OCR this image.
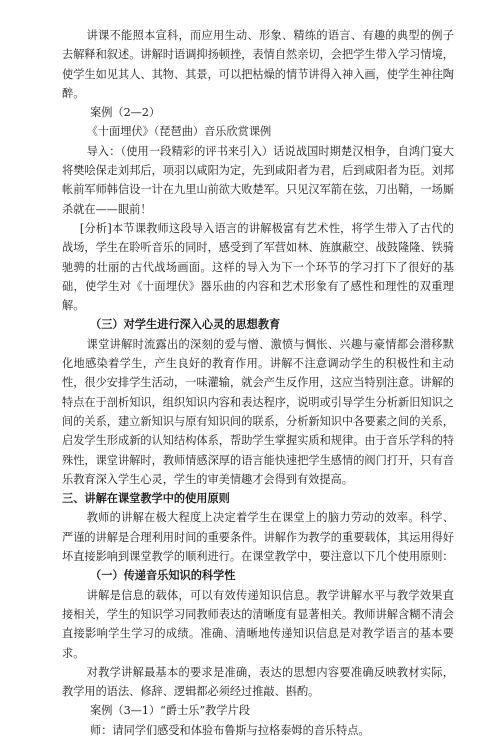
讲课不能照本宣科，而应用生动、形象、精练的语言、有趣的典型的例子去解释和叙述。讲解时语调抑扬顿挫，表情自然亲切，会把学生带入学习情境，使学生如见其人、其物、其景，可以把枯燥的情节讲得入神入画，使学生神往陶醉。

案例（2—2）

《十面埋伏》（琵琶曲）音乐欣赏课例

导入：（使用一段精彩的评书来引入）话说战国时期楚汉相争，自鸿门宴大将樊哙保走刘邦后，项羽以咸阳为定，先到咸阳者为君，后到咸阳者为臣。刘邦帐前军师韩信设一计在九里山前欲大败楚军。只见汉军箭在弦，刀出鞘，一场厮杀就在——眼前！

[分析]本节课教师这段导入语言的讲解极富有艺术性，将学生带入了古代的战场，学生在聆听音乐的同时，感受到了军营如林、旌旗蔽空、战鼓隆隆、铁骑驰骋的壮丽的古代战场画面。这样的导入为下一个环节的学习打下了很好的基础，使学生对《十面埋伏》器乐曲的内容和艺术形象有了感性和理性的双重理解。

（三）对学生进行深入心灵的思想教育

课堂讲解时流露出的深刻的爱与憎、激愤与惆怅、兴趣与豪情都会潜移默化地感染着学生，产生良好的教育作用。讲解不注意调动学生的积极性和主动性，很少安排学生活动，一味灌输，就会产生反作用，这应当特别注意。讲解的特点在于剖析知识，组织知识内容和表达程序，说明或引导学生分析新旧知识之间的关系，建立新知识与原有知识间的联系，分析新知识中各要素之间的关系，启发学生形成新的认知结构体系，帮助学生掌握实质和规律。由于音乐学科的特殊性，课堂讲解时，教师情感深厚的语言能快速把学生感情的阀门打开，只有音乐教育深入学生心灵，学生的审美情趣才会得到有效提高。

三、讲解在课堂教学中的使用原则

教师的讲解在极大程度上决定着学生在课堂上的脑力劳动的效率。科学、严谨的讲解是合理利用时间的重要条件。讲解作为教学的重要载体，其运用得好坏直接影响到课堂教学的顺利进行。在课堂教学中，要注意以下几个使用原则：

（一）传递音乐知识的科学性

讲解是信息的载体，可以有效传递知识信息。教学讲解水平与教学效果直接相关，学生的知识学习同教师表达的清晰度有显著相关。教师讲解含糊不清会直接影响学生学习的成绩。准确、清晰地传递知识信息是对教学语言的基本要求。

对教学讲解最基本的要求是准确，表达的思想内容要准确反映教材实际，教学用的语法、修辞、逻辑都必须经过推敲、斟酌。

案例（3—1）“爵士乐”教学片段

师：请同学们感受和体验布鲁斯与拉格泰姆的音乐特点。
